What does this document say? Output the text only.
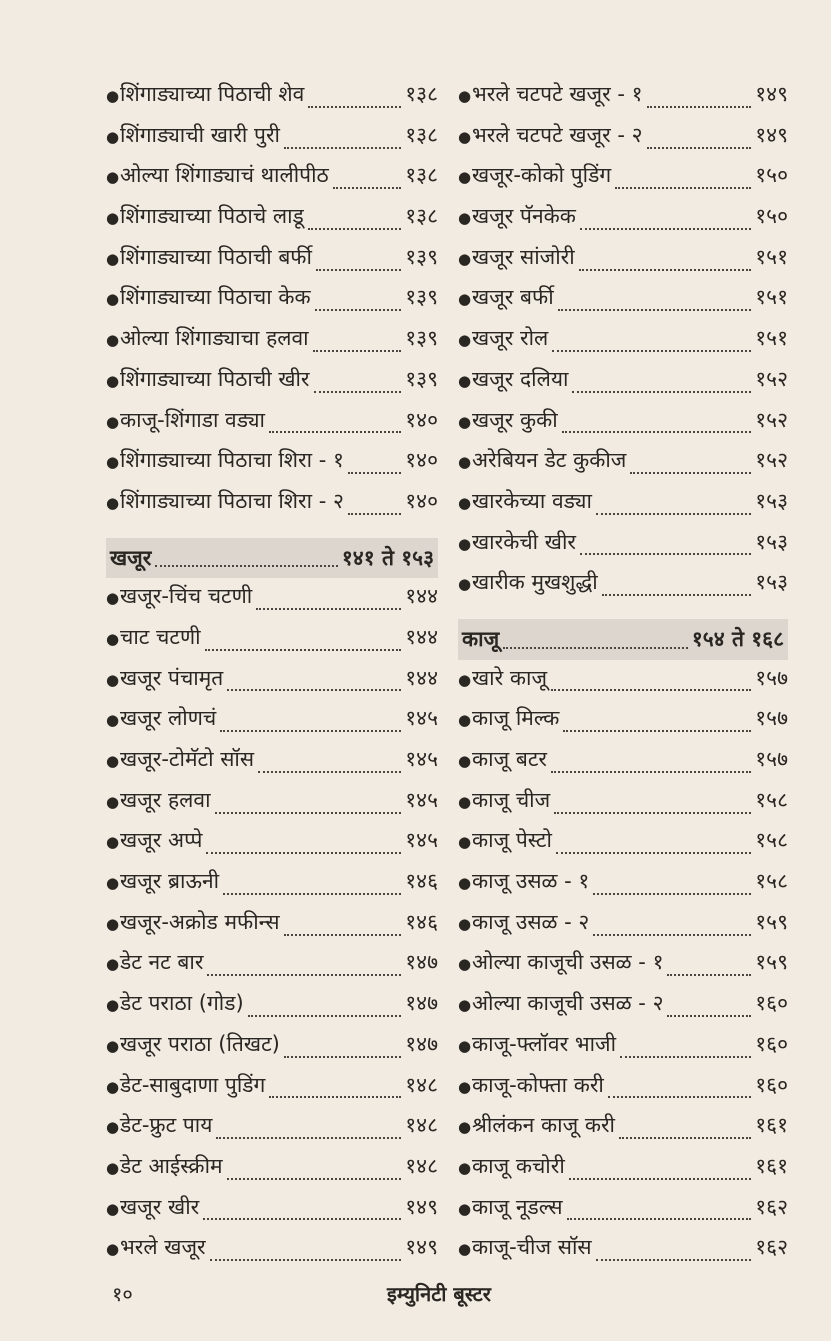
● शिंगाड्याच्या पिठाची शेव	१३८
● शिंगाड्याची खारी पुरी	१३८
● ओल्या शिंगाड्याचं थालीपीठ	१३८
● शिंगाड्याच्या पिठाचे लाडू	१३८
● शिंगाड्याच्या पिठाची बर्फी	१३९
● शिंगाड्याच्या पिठाचा केक	१३९
● ओल्या शिंगाड्याचा हलवा	१३९
● शिंगाड्याच्या पिठाची खीर	१३९
● काजू-शिंगाडा वड्या	१४०
● शिंगाड्याच्या पिठाचा शिरा - १	१४०
● शिंगाड्याच्या पिठाचा शिरा - २	१४०
खजूर	१४१ ते १५३
● खजूर-चिंच चटणी	१४४
● चाट चटणी	१४४
● खजूर पंचामृत	१४४
● खजूर लोणचं	१४५
● खजूर-टोमॅटो सॉस	१४५
● खजूर हलवा	१४५
● खजूर अप्पे	१४५
● खजूर ब्राऊनी	१४६
● खजूर-अक्रोड मफीन्स	१४६
● डेट नट बार	१४७
● डेट पराठा (गोड)	१४७
● खजूर पराठा (तिखट)	१४७
● डेट-साबुदाणा पुडिंग	१४८
● डेट-फ्रुट पाय	१४८
● डेट आईस्क्रीम	१४८
● खजूर खीर	१४९
● भरले खजूर	१४९
● भरले चटपटे खजूर - १	१४९
● भरले चटपटे खजूर - २	१४९
● खजूर-कोको पुडिंग	१५०
● खजूर पॅनकेक	१५०
● खजूर सांजोरी	१५१
● खजूर बर्फी	१५१
● खजूर रोल	१५१
● खजूर दलिया	१५२
● खजूर कुकी	१५२
● अरेबियन डेट कुकीज	१५२
● खारकेच्या वड्या	१५३
● खारकेची खीर	१५३
● खारीक मुखशुद्धी	१५३
काजू	१५४ ते १६८
● खारे काजू	१५७
● काजू मिल्क	१५७
● काजू बटर	१५७
● काजू चीज	१५८
● काजू पेस्टो	१५८
● काजू उसळ - १	१५८
● काजू उसळ - २	१५९
● ओल्या काजूची उसळ - १	१५९
● ओल्या काजूची उसळ - २	१६०
● काजू-फ्लॉवर भाजी	१६०
● काजू-कोफ्ता करी	१६०
● श्रीलंकन काजू करी	१६१
● काजू कचोरी	१६१
● काजू नूडल्स	१६२
● काजू-चीज सॉस	१६२
१०	इम्युनिटी बूस्टर
